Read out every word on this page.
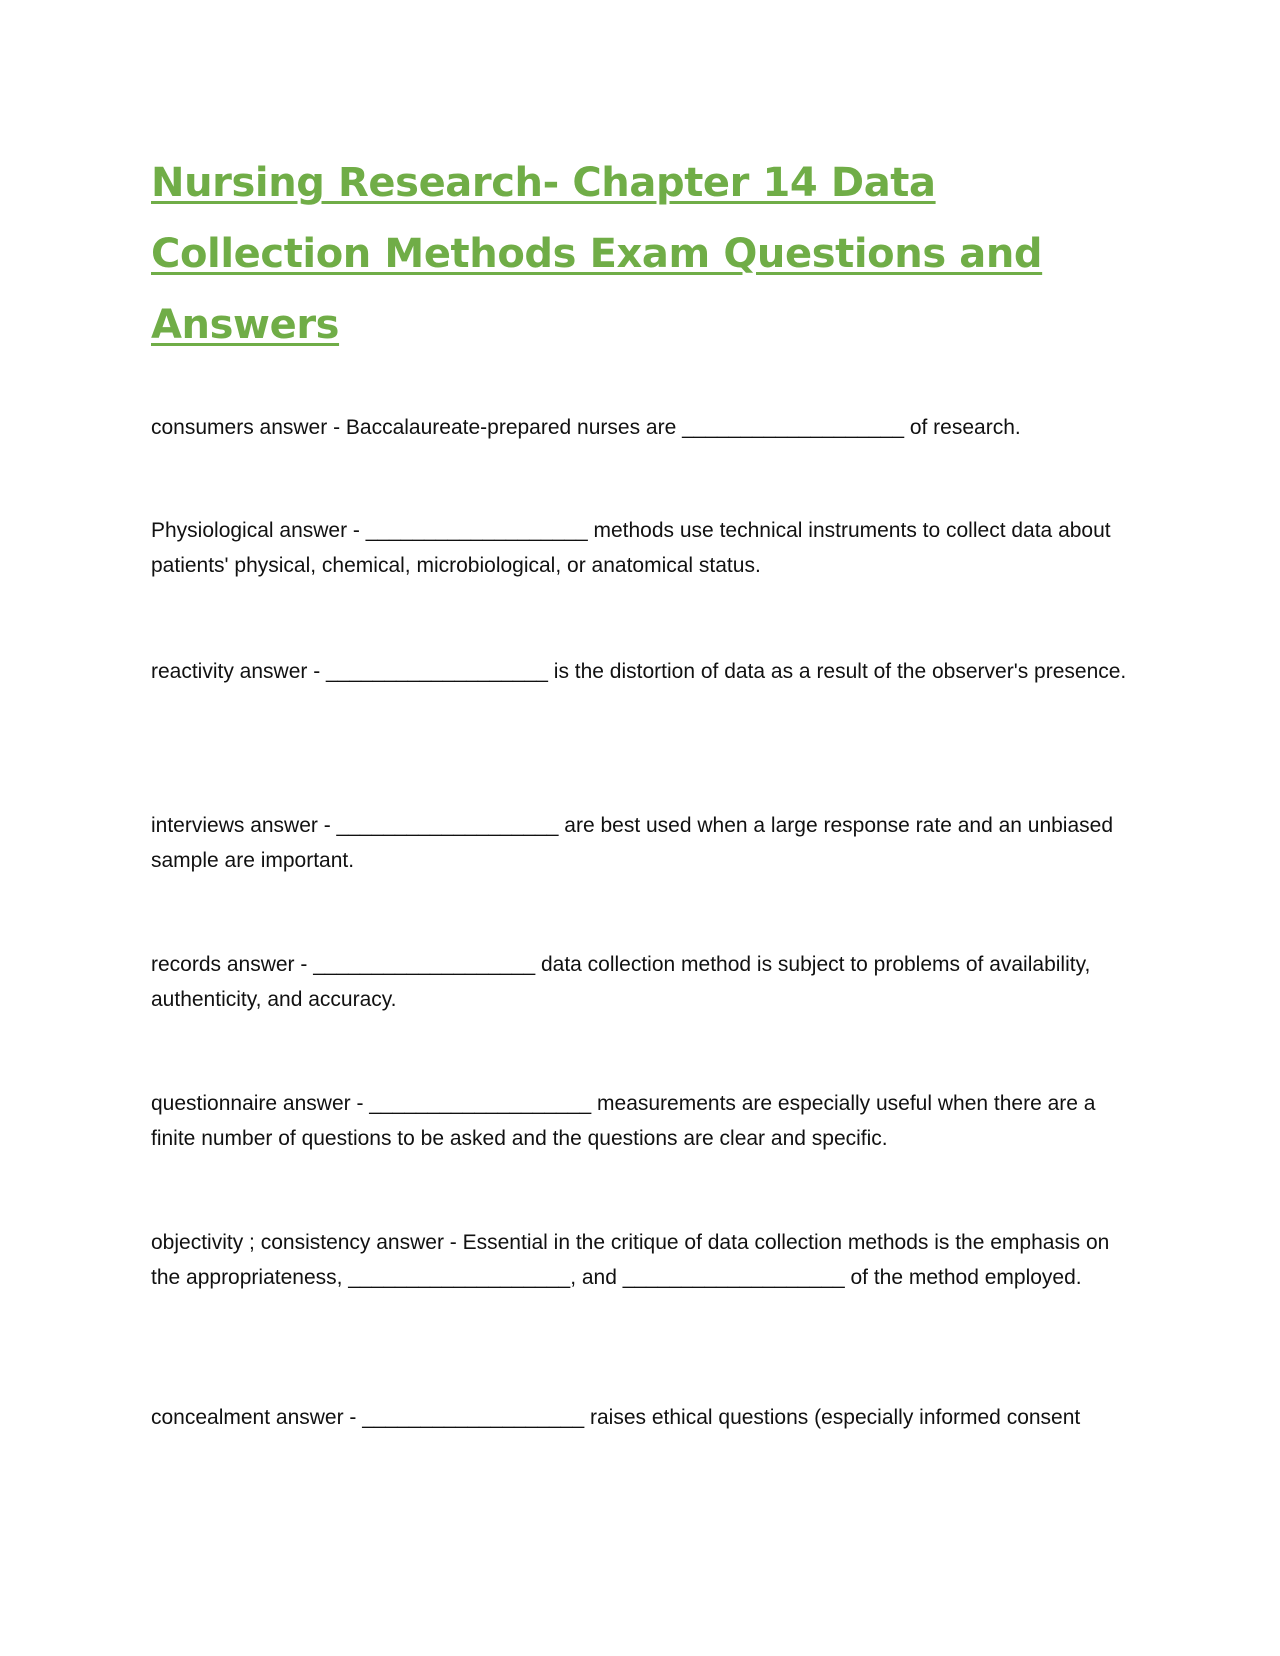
Nursing Research- Chapter 14 Data Collection Methods Exam Questions and Answers

consumers answer - Baccalaureate-prepared nurses are ___________________ of research.

Physiological answer - ___________________ methods use technical instruments to collect data about patients' physical, chemical, microbiological, or anatomical status.

reactivity answer - ___________________ is the distortion of data as a result of the observer's presence.

interviews answer - ___________________ are best used when a large response rate and an unbiased sample are important.

records answer - ___________________ data collection method is subject to problems of availability, authenticity, and accuracy.

questionnaire answer - ___________________ measurements are especially useful when there are a finite number of questions to be asked and the questions are clear and specific.

objectivity ; consistency answer - Essential in the critique of data collection methods is the emphasis on the appropriateness, ___________________, and ___________________ of the method employed.

concealment answer - ___________________ raises ethical questions (especially informed consent
